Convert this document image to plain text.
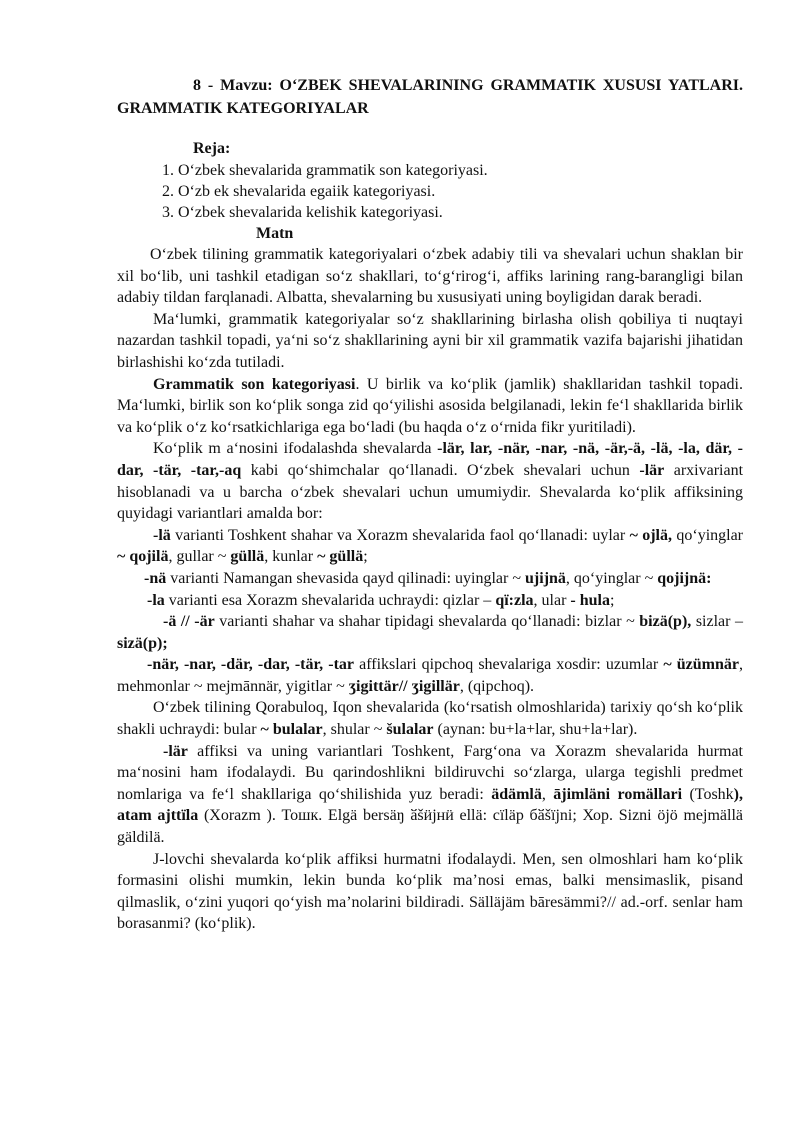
8 - Mavzu: O‘ZBEK SHEVALARINING GRAMMATIK XUSUSI YATLARI. GRAMMATIK KATEGORIYALAR

Reja:
1. O‘zbek shevalarida grammatik son kategoriyasi.
2. O‘zb ek shevalarida egaiik kategoriyasi.
3. O‘zbek shevalarida kelishik kategoriyasi.
Matn

O‘zbek tilining grammatik kategoriyalari o‘zbek adabiy tili va shevalari uchun shaklan bir xil bo‘lib, uni tashkil etadigan so‘z shakllari, to‘g‘rirog‘i, affiks larining rang-barangligi bilan adabiy tildan farqlanadi. Albatta, shevalarning bu xususiyati uning boyligidan darak beradi.

Ma‘lumki, grammatik kategoriyalar so‘z shakllarining birlasha olish qobiliya ti nuqtayi nazardan tashkil topadi, ya‘ni so‘z shakllarining ayni bir xil grammatik vazifa bajarishi jihatidan birlashishi ko‘zda tutiladi.

Grammatik son kategoriyasi. U birlik va ko‘plik (jamlik) shakllaridan tashkil topadi. Ma‘lumki, birlik son ko‘plik songa zid qo‘yilishi asosida belgilanadi, lekin fe‘l shakllarida birlik va ko‘plik o‘z ko‘rsatkichlariga ega bo‘ladi (bu haqda o‘z o‘rnida fikr yuritiladi).

Ko‘plik m a‘nosini ifodalashda shevalarda -lär, lar, -när, -nar, -nä, -är,-ä, -lä, -la, där, -dar, -tär, -tar,-aq kabi qo‘shimchalar qo‘llanadi. O‘zbek shevalari uchun -lär arxivariant hisoblanadi va u barcha o‘zbek shevalari uchun umumiydir. Shevalarda ko‘plik affiksining quyidagi variantlari amalda bor:

-lä varianti Toshkent shahar va Xorazm shevalarida faol qo‘llanadi: uylar ~ ojlä, qo‘yinglar ~ qojilä, gullar ~ güllä, kunlar ~ güllä;

-nä varianti Namangan shevasida qayd qilinadi: uyinglar ~ ujijnä, qo‘yinglar ~ qojijnä:

-la varianti esa Xorazm shevalarida uchraydi: qizlar – qï:zla, ular - hula;

-ä // -är varianti shahar va shahar tipidagi shevalarda qo‘llanadi: bizlar ~ bizä(p), sizlar – sizä(p);

-när, -nar, -där, -dar, -tär, -tar affikslari qipchoq shevalariga xosdir: uzumlar ~ üzümnär, mehmonlar ~ mejmānnär, yigitlar ~ ʒigittär// ʒigillär, (qipchoq).

O‘zbek tilining Qorabuloq, Iqon shevalarida (ko‘rsatish olmoshlarida) tarixiy qo‘sh ko‘plik shakli uchraydi: bular ~ bulalar, shular ~ šulalar (aynan: bu+la+lar, shu+la+lar).

-lär affiksi va uning variantlari Toshkent, Farg‘ona va Xorazm shevalarida hurmat ma‘nosini ham ifodalaydi. Bu qarindoshlikni bildiruvchi so‘zlarga, ularga tegishli predmet nomlariga va fe‘l shakllariga qo‘shilishida yuz beradi: ädämlä, ājimläni romällari (Toshk), atam ajttïla (Хorazm ). Тошк. Elgä bersäŋ ӑšӥjнӥ ellä: cїläр бӑšїjni; Хор. Sizni öjö mejmällä gäldilä.

J-lovchi shevalarda ko‘plik affiksi hurmatni ifodalaydi. Men, sen olmoshlari ham ko‘plik formasini olishi mumkin, lekin bunda ko‘plik ma’nosi emas, balki mensimaslik, pisand qilmaslik, o‘zini yuqori qo‘yish ma’nolarini bildiradi. Sälläjäm bāresämmi?// ad.-orf. senlar ham borasanmi? (ko‘plik).
